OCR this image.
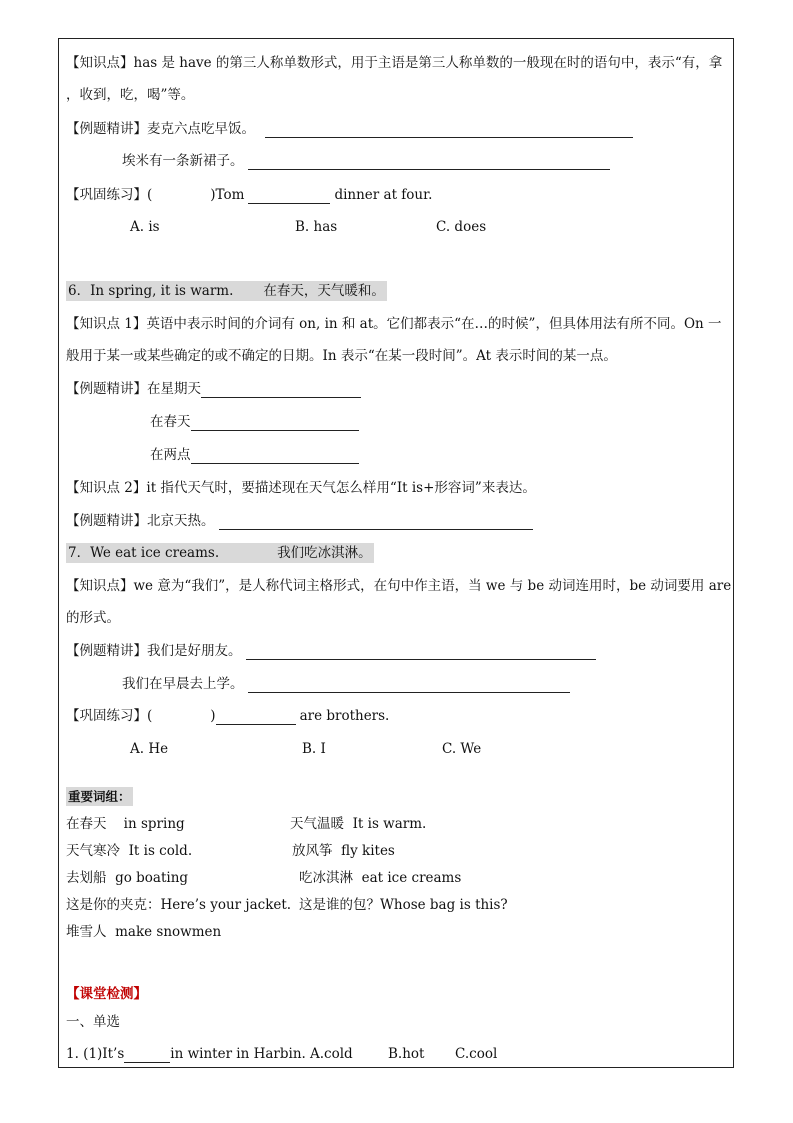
【知识点】has 是 have 的第三人称单数形式，用于主语是第三人称单数的一般现在时的语句中，表示“有，拿
，收到，吃，喝”等。
【例题精讲】麦克六点吃早饭。
埃米有一条新裙子。
【巩固练习】(	)Tom	dinner at four.
A. is	B. has	C. does
6．In spring, it is warm. 在春天，天气暖和。
【知识点 1】英语中表示时间的介词有 on, in 和 at。它们都表示“在…的时候”，但具体用法有所不同。On 一
般用于某一或某些确定的或不确定的日期。In 表示“在某一段时间”。At 表示时间的某一点。
【例题精讲】在星期天
在春天
在两点
【知识点 2】it 指代天气时，要描述现在天气怎么样用“It is+形容词”来表达。
【例题精讲】北京天热。
7．We eat ice creams.	我们吃冰淇淋。
【知识点】we 意为“我们”，是人称代词主格形式，在句中作主语，当 we 与 be 动词连用时，be 动词要用 are
的形式。
【例题精讲】我们是好朋友。
我们在早晨去上学。
【巩固练习】(	)	are brothers.
A. He	B. I	C. We
重要词组：
在春天 in spring	天气温暖 It is warm.
天气寒冷 It is cold.	放风筝 fly kites
去划船 go boating	吃冰淇淋 eat ice creams
这是你的夹克：Here’s your jacket. 这是谁的包？Whose bag is this?
堆雪人 make snowmen
【课堂检测】
一、单选
1. (1)It’s	in winter in Harbin. A.cold	B.hot C.cool
